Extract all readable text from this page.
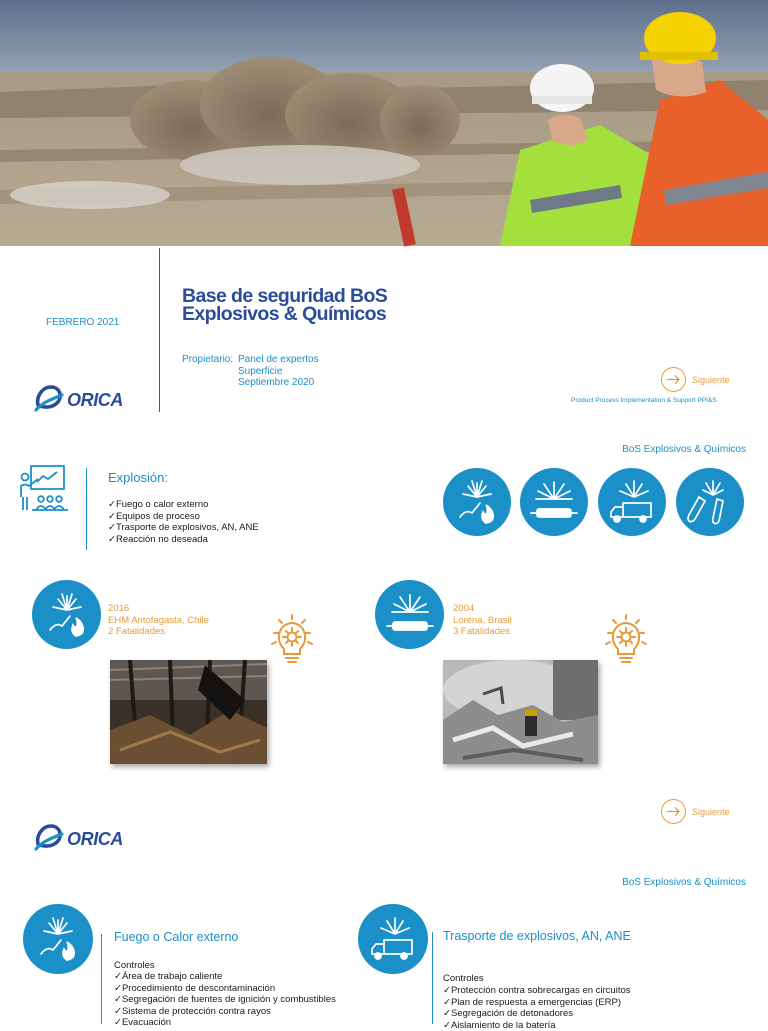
FEBRERO 2021
Base de seguridad BoS
Explosivos & Químicos
Propietario: Panel de expertos
Superficie
Septiembre 2020
ORICA
Siguiente
Product Process Implementation & Support PPI&S
BoS Explosivos & Químicos
Explosión:
✓ Fuego o calor externo
✓ Equipos de proceso
✓ Trasporte de explosivos, AN, ANE
✓ Reacción no deseada
2016
EHM Antofagasta, Chile
2 Fatalidades
2004
Lorena, Brasil
3 Fatalidades
Siguiente
ORICA
BoS Explosivos & Químicos
Fuego o Calor externo
Controles
✓ Área de trabajo caliente
✓ Procedimiento de descontaminación
✓ Segregación de fuentes de ignición y combustibles
✓ Sistema de protección contra rayos
✓ Evacuación
Trasporte de explosivos, AN, ANE
Controles
✓ Protección contra sobrecargas en circuitos
✓ Plan de respuesta a emergencias (ERP)
✓ Segregación de detonadores
✓ Aislamiento de la batería
